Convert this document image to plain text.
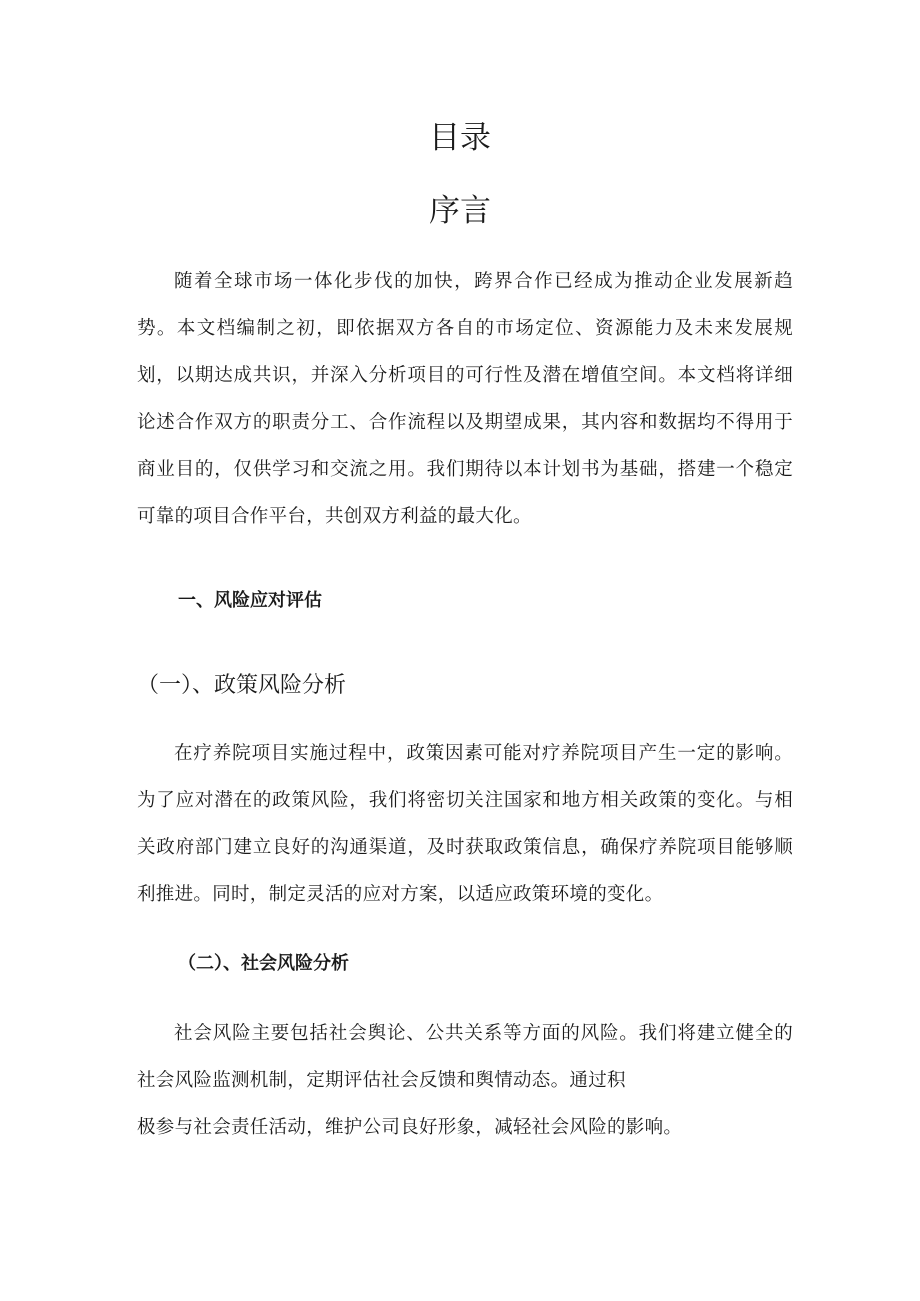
目录
序言

随着全球市场一体化步伐的加快，跨界合作已经成为推动企业发展新趋势。本文档编制之初，即依据双方各自的市场定位、资源能力及未来发展规划，以期达成共识，并深入分析项目的可行性及潜在增值空间。本文档将详细论述合作双方的职责分工、合作流程以及期望成果，其内容和数据均不得用于商业目的，仅供学习和交流之用。我们期待以本计划书为基础，搭建一个稳定可靠的项目合作平台，共创双方利益的最大化。

一、风险应对评估
（一）、政策风险分析

在疗养院项目实施过程中，政策因素可能对疗养院项目产生一定的影响。为了应对潜在的政策风险，我们将密切关注国家和地方相关政策的变化。与相关政府部门建立良好的沟通渠道，及时获取政策信息，确保疗养院项目能够顺利推进。同时，制定灵活的应对方案，以适应政策环境的变化。

（二）、社会风险分析

社会风险主要包括社会舆论、公共关系等方面的风险。我们将建立健全的社会风险监测机制，定期评估社会反馈和舆情动态。通过积

极参与社会责任活动，维护公司良好形象，减轻社会风险的影响。
